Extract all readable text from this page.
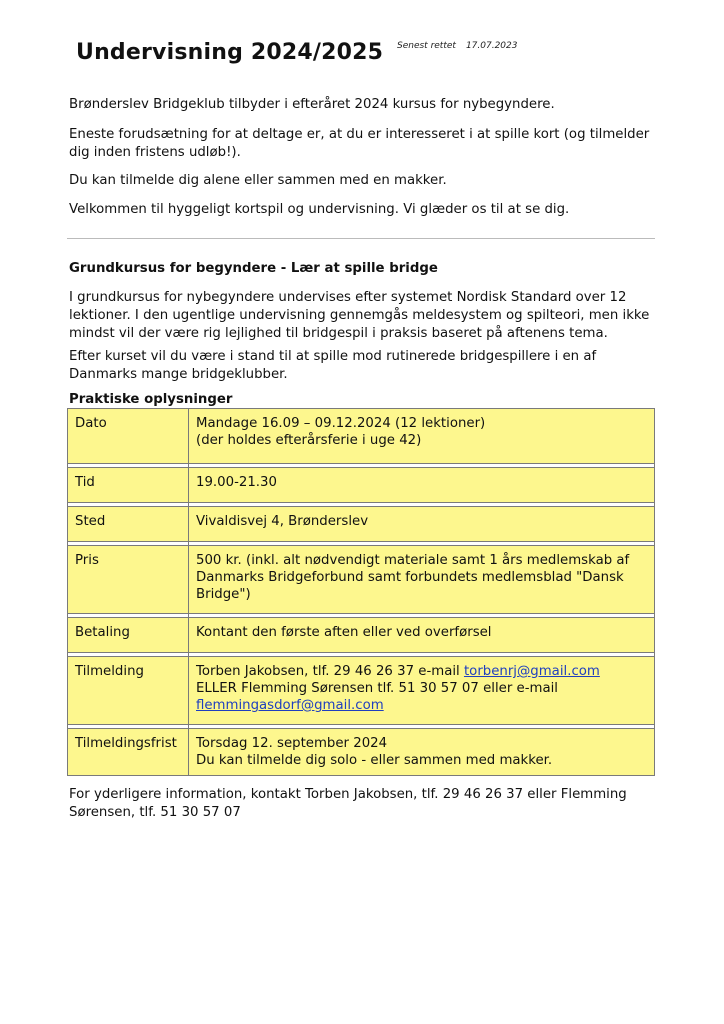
Undervisning 2024/2025 Senest rettet 17.07.2023
Brønderslev Bridgeklub tilbyder i efteråret 2024 kursus for nybegyndere.
Eneste forudsætning for at deltage er, at du er interesseret i at spille kort (og tilmelder dig inden fristens udløb!).
Du kan tilmelde dig alene eller sammen med en makker.
Velkommen til hyggeligt kortspil og undervisning. Vi glæder os til at se dig.
Grundkursus for begyndere - Lær at spille bridge
I grundkursus for nybegyndere undervises efter systemet Nordisk Standard over 12 lektioner. I den ugentlige undervisning gennemgås meldesystem og spilteori, men ikke mindst vil der være rig lejlighed til bridgespil i praksis baseret på aftenens tema.
Efter kurset vil du være i stand til at spille mod rutinerede bridgespillere i en af Danmarks mange bridgeklubber.
Praktiske oplysninger
Dato	Mandage 16.09 – 09.12.2024 (12 lektioner)
(der holdes efterårsferie i uge 42)

Tid	19.00-21.30

Sted	Vivaldisvej 4, Brønderslev

Pris	500 kr. (inkl. alt nødvendigt materiale samt 1 års medlemskab af Danmarks Bridgeforbund samt forbundets medlemsblad "Dansk Bridge")

Betaling	Kontant den første aften eller ved overførsel

Tilmelding	Torben Jakobsen, tlf. 29 46 26 37 e-mail torbenrj@gmail.com
ELLER Flemming Sørensen tlf. 51 30 57 07 eller e-mail
flemmingasdorf@gmail.com

Tilmeldingsfrist	Torsdag 12. september 2024
Du kan tilmelde dig solo - eller sammen med makker.
For yderligere information, kontakt Torben Jakobsen, tlf. 29 46 26 37 eller Flemming Sørensen, tlf. 51 30 57 07
